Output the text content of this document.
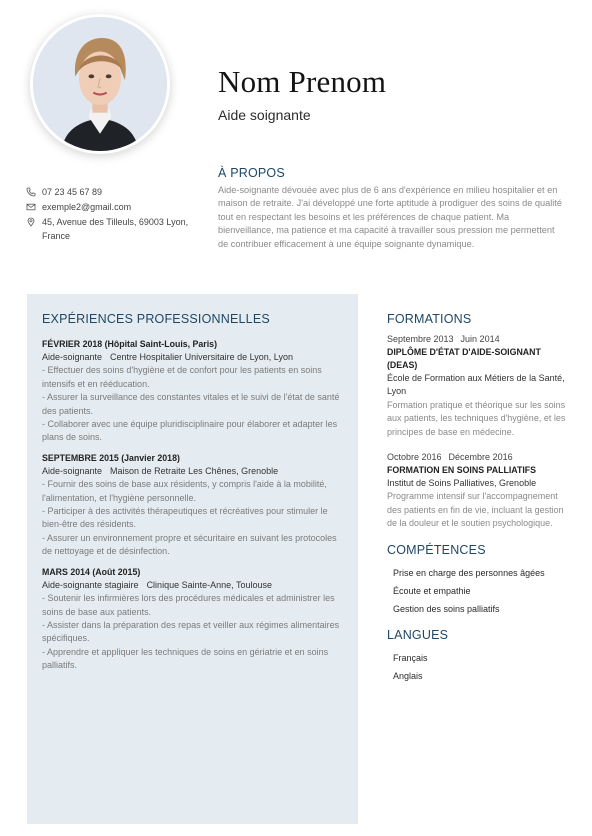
Nom Prenom
Aide soignante
07 23 45 67 89
exemple2@gmail.com
45, Avenue des Tilleuls, 69003 Lyon, France
À PROPOS

Aide-soignante dévouée avec plus de 6 ans d'expérience en milieu hospitalier et en maison de retraite. J'ai développé une forte aptitude à prodiguer des soins de qualité tout en respectant les besoins et les préférences de chaque patient. Ma bienveillance, ma patience et ma capacité à travailler sous pression me permettent de contribuer efficacement à une équipe soignante dynamique.

EXPÉRIENCES PROFESSIONNELLES
FÉVRIER 2018 (Hôpital Saint-Louis, Paris)
Aide-soignante Centre Hospitalier Universitaire de Lyon, Lyon
- Effectuer des soins d'hygiène et de confort pour les patients en soins intensifs et en rééducation.
- Assurer la surveillance des constantes vitales et le suivi de l'état de santé des patients.
- Collaborer avec une équipe pluridisciplinaire pour élaborer et adapter les plans de soins.
SEPTEMBRE 2015 (Janvier 2018)
Aide-soignante Maison de Retraite Les Chênes, Grenoble
- Fournir des soins de base aux résidents, y compris l'aide à la mobilité, l'alimentation, et l'hygiène personnelle.
- Participer à des activités thérapeutiques et récréatives pour stimuler le bien-être des résidents.
- Assurer un environnement propre et sécuritaire en suivant les protocoles de nettoyage et de désinfection.
MARS 2014 (Août 2015)
Aide-soignante stagiaire Clinique Sainte-Anne, Toulouse
- Soutenir les infirmières lors des procédures médicales et administrer les soins de base aux patients.
- Assister dans la préparation des repas et veiller aux régimes alimentaires spécifiques.
- Apprendre et appliquer les techniques de soins en gériatrie et en soins palliatifs.
FORMATIONS
Septembre 2013 Juin 2014
DIPLÔME D'ÉTAT D'AIDE-SOIGNANT (DEAS)
École de Formation aux Métiers de la Santé, Lyon
Formation pratique et théorique sur les soins aux patients, les techniques d'hygiène, et les principes de base en médecine.
Octobre 2016 Décembre 2016
FORMATION EN SOINS PALLIATIFS
Institut de Soins Palliatives, Grenoble
Programme intensif sur l'accompagnement des patients en fin de vie, incluant la gestion de la douleur et le soutien psychologique.
COMPÉTENCES
Prise en charge des personnes âgées
Écoute et empathie
Gestion des soins palliatifs
LANGUES
Français
Anglais
